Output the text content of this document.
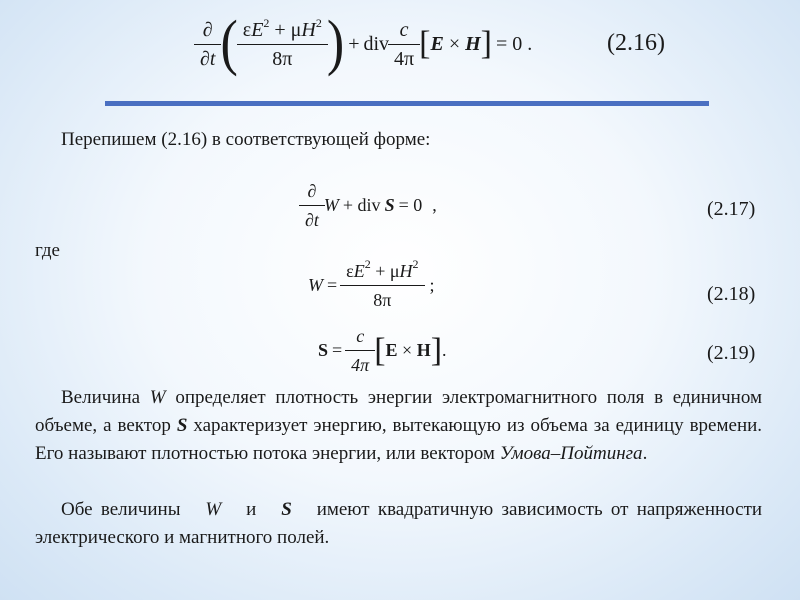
$\frac{\partial}{\partial t}$ ( $\frac{\varepsilon E^2 + \mu H^2}{8\pi}$ ) + div $\frac{c}{4\pi}$ [ E × H ] = 0 .	(2.16)
Перепишем (2.16) в соответствующей форме:
$\frac{\partial}{\partial t}$ W + div S = 0 ,	(2.17)
где
$W = \frac{\varepsilon E^2 + \mu H^2}{8\pi}$ ;	(2.18)
$S = \frac{c}{4\pi}$ [ E × H ] .	(2.19)
Величина W определяет плотность энергии электромагнитного поля в единичном объеме, а вектор S характеризует энергию, вытекающую из объема за единицу времени. Его называют плотностью потока энергии, или вектором Умова–Пойтинга.
Обе величины W и S имеют квадратичную зависимость от напряженности электрического и магнитного полей.
